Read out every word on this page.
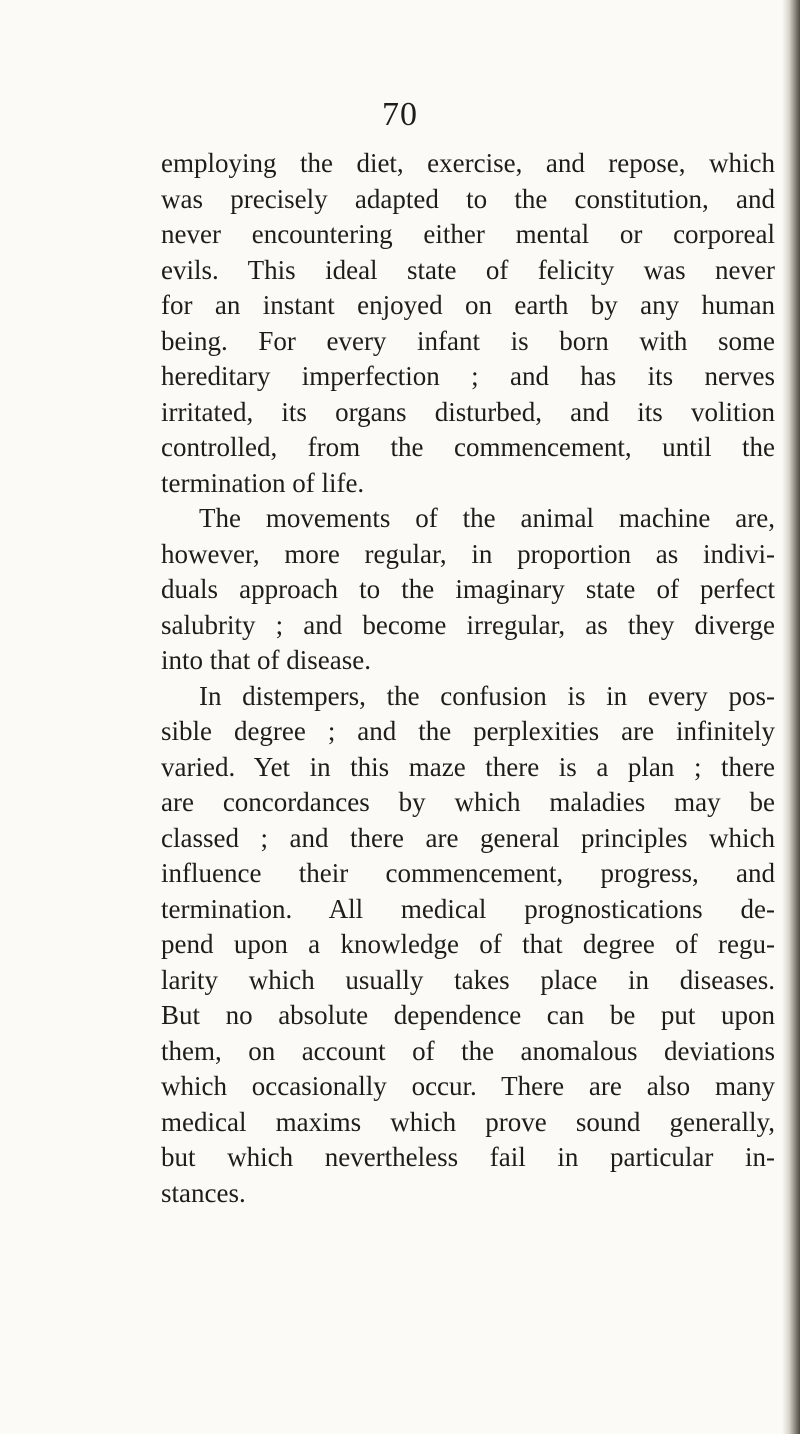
70
employing the diet, exercise, and repose, which
was precisely adapted to the constitution, and
never encountering either mental or corporeal
evils. This ideal state of felicity was never
for an instant enjoyed on earth by any human
being. For every infant is born with some
hereditary imperfection ; and has its nerves
irritated, its organs disturbed, and its volition
controlled, from the commencement, until the
termination of life.
The movements of the animal machine are,
however, more regular, in proportion as indivi-
duals approach to the imaginary state of perfect
salubrity ; and become irregular, as they diverge
into that of disease.
In distempers, the confusion is in every pos-
sible degree ; and the perplexities are infinitely
varied. Yet in this maze there is a plan ; there
are concordances by which maladies may be
classed ; and there are general principles which
influence their commencement, progress, and
termination. All medical prognostications de-
pend upon a knowledge of that degree of regu-
larity which usually takes place in diseases.
But no absolute dependence can be put upon
them, on account of the anomalous deviations
which occasionally occur. There are also many
medical maxims which prove sound generally,
but which nevertheless fail in particular in-
stances.
